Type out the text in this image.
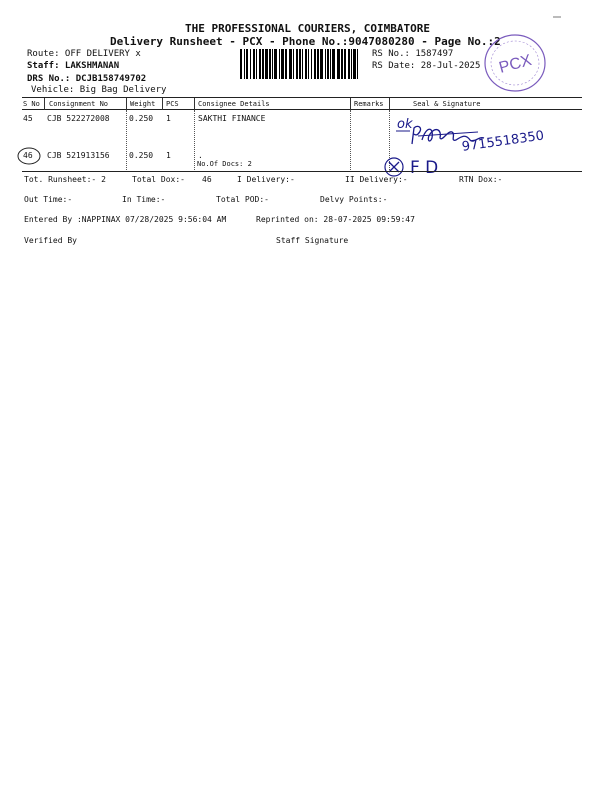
THE PROFESSIONAL COURIERS, COIMBATORE
Delivery Runsheet - PCX - Phone No.:9047080280 - Page No.:2
Route: OFF DELIVERY x
Staff: LAKSHMANAN
DRS No.: DCJB158749702
Vehicle: Big Bag Delivery
RS No.: 1587497
RS Date: 28-Jul-2025 PCX
S No Consignment No	Weight PCS	Consignee Details	Remarks	Seal & Signature
45 CJB 522272008 0.250 1	SAKTHI FINANCE
46 CJB 521913156 0.250 1	.
No.Of Docs: 2
ok
F D
9715518350
Tot. Runsheet:- 2	Total Dox:- 46	I Delivery:-	II Delivery:-	RTN Dox:-
Out Time:-	In Time:-	Total POD:-	Delvy Points:-
Entered By :NAPPINAX 07/28/2025 9:56:04 AM	Reprinted on: 28-07-2025 09:59:47
Verified By	Staff Signature
